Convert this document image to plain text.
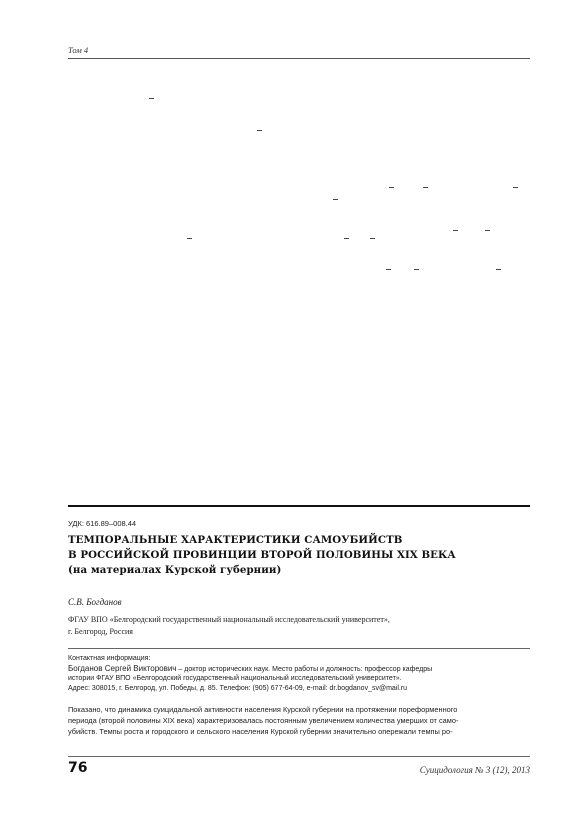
Том 4
УДК: 616.89–008.44
ТЕМПОРАЛЬНЫЕ ХАРАКТЕРИСТИКИ САМОУБИЙСТВ
В РОССИЙСКОЙ ПРОВИНЦИИ ВТОРОЙ ПОЛОВИНЫ XIX ВЕКА
(на материалах Курской губернии)
С.В. Богданов
ФГАУ ВПО «Белгородский государственный национальный исследовательский университет»,
г. Белгород, Россия
Контактная информация:
Богданов Сергей Викторович – доктор исторических наук. Место работы и должность: профессор кафедры
истории ФГАУ ВПО «Белгородский государственный национальный исследовательский университет».
Адрес: 308015, г. Белгород, ул. Победы, д. 85. Телефон: (905) 677-64-09, e-mail: dr.bogdanov_sv@mail.ru
Показано, что динамика суицидальной активности населения Курской губернии на протяжении пореформенного
периода (второй половины XIX века) характеризовалась постоянным увеличением количества умерших от само-
убийств. Темпы роста и городского и сельского населения Курской губернии значительно опережали темпы ро-
76	Суицидология № 3 (12), 2013
